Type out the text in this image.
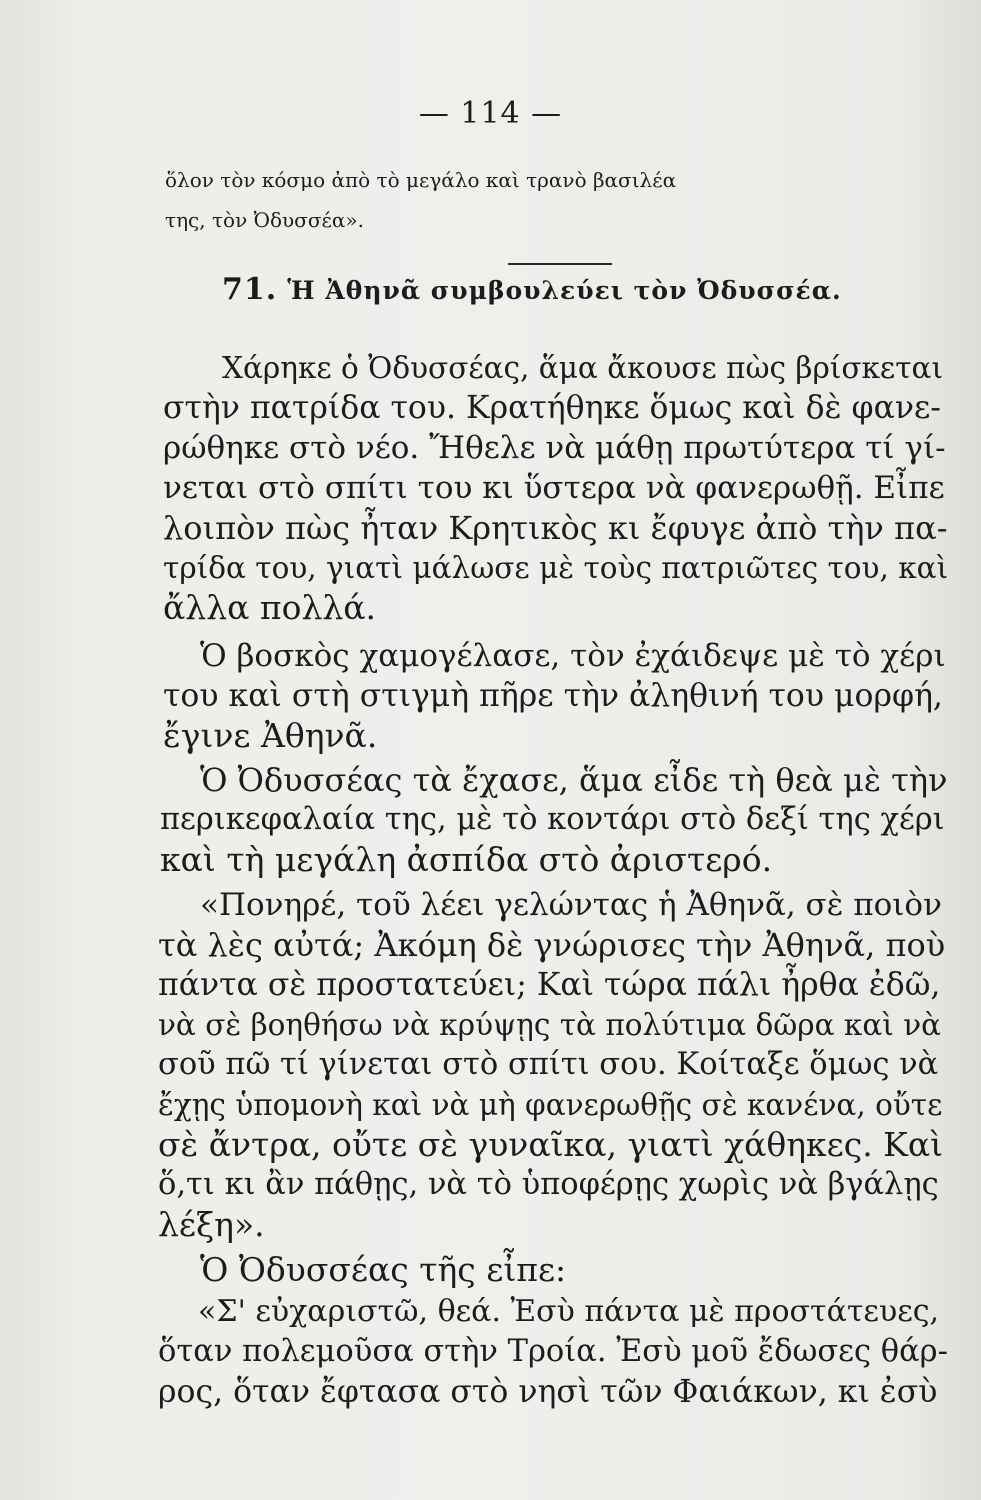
— 114 —
ὅλον τὸν κόσμο ἀπὸ τὸ μεγάλο καὶ τρανὸ βασιλέα
της, τὸν Ὀδυσσέα».
71. Ἡ Ἀθηνᾶ συμβουλεύει τὸν Ὀδυσσέα.
Χάρηκε ὁ Ὀδυσσέας, ἅμα ἄκουσε πὼς βρίσκεται
στὴν πατρίδα του. Κρατήθηκε ὅμως καὶ δὲ φανε-
ρώθηκε στὸ νέο. Ἤθελε νὰ μάθῃ πρωτύτερα τί γί-
νεται στὸ σπίτι του κι ὕστερα νὰ φανερωθῇ. Εἶπε
λοιπὸν πὼς ἦταν Κρητικὸς κι ἔφυγε ἀπὸ τὴν πα-
τρίδα του, γιατὶ μάλωσε μὲ τοὺς πατριῶτες του, καὶ
ἄλλα πολλά.
Ὁ βοσκὸς χαμογέλασε, τὸν ἐχάιδεψε μὲ τὸ χέρι
του καὶ στὴ στιγμὴ πῆρε τὴν ἀληθινή του μορφή,
ἔγινε Ἀθηνᾶ.
Ὁ Ὀδυσσέας τὰ ἔχασε, ἅμα εἶδε τὴ θεὰ μὲ τὴν
περικεφαλαία της, μὲ τὸ κοντάρι στὸ δεξί της χέρι
καὶ τὴ μεγάλη ἀσπίδα στὸ ἀριστερό.
«Πονηρέ, τοῦ λέει γελώντας ἡ Ἀθηνᾶ, σὲ ποιὸν
τὰ λὲς αὐτά; Ἀκόμη δὲ γνώρισες τὴν Ἀθηνᾶ, ποὺ
πάντα σὲ προστατεύει; Καὶ τώρα πάλι ἦρθα ἐδῶ,
νὰ σὲ βοηθήσω νὰ κρύψῃς τὰ πολύτιμα δῶρα καὶ νὰ
σοῦ πῶ τί γίνεται στὸ σπίτι σου. Κοίταξε ὅμως νὰ
ἔχῃς ὑπομονὴ καὶ νὰ μὴ φανερωθῇς σὲ κανένα, οὔτε
σὲ ἄντρα, οὔτε σὲ γυναῖκα, γιατὶ χάθηκες. Καὶ
ὅ,τι κι ἂν πάθῃς, νὰ τὸ ὑποφέρῃς χωρὶς νὰ βγάλῃς
λέξη».
Ὁ Ὀδυσσέας τῆς εἶπε:
«Σ' εὐχαριστῶ, θεά. Ἐσὺ πάντα μὲ προστάτευες,
ὅταν πολεμοῦσα στὴν Τροία. Ἐσὺ μοῦ ἔδωσες θάρ-
ρος, ὅταν ἔφτασα στὸ νησὶ τῶν Φαιάκων, κι ἐσὺ
